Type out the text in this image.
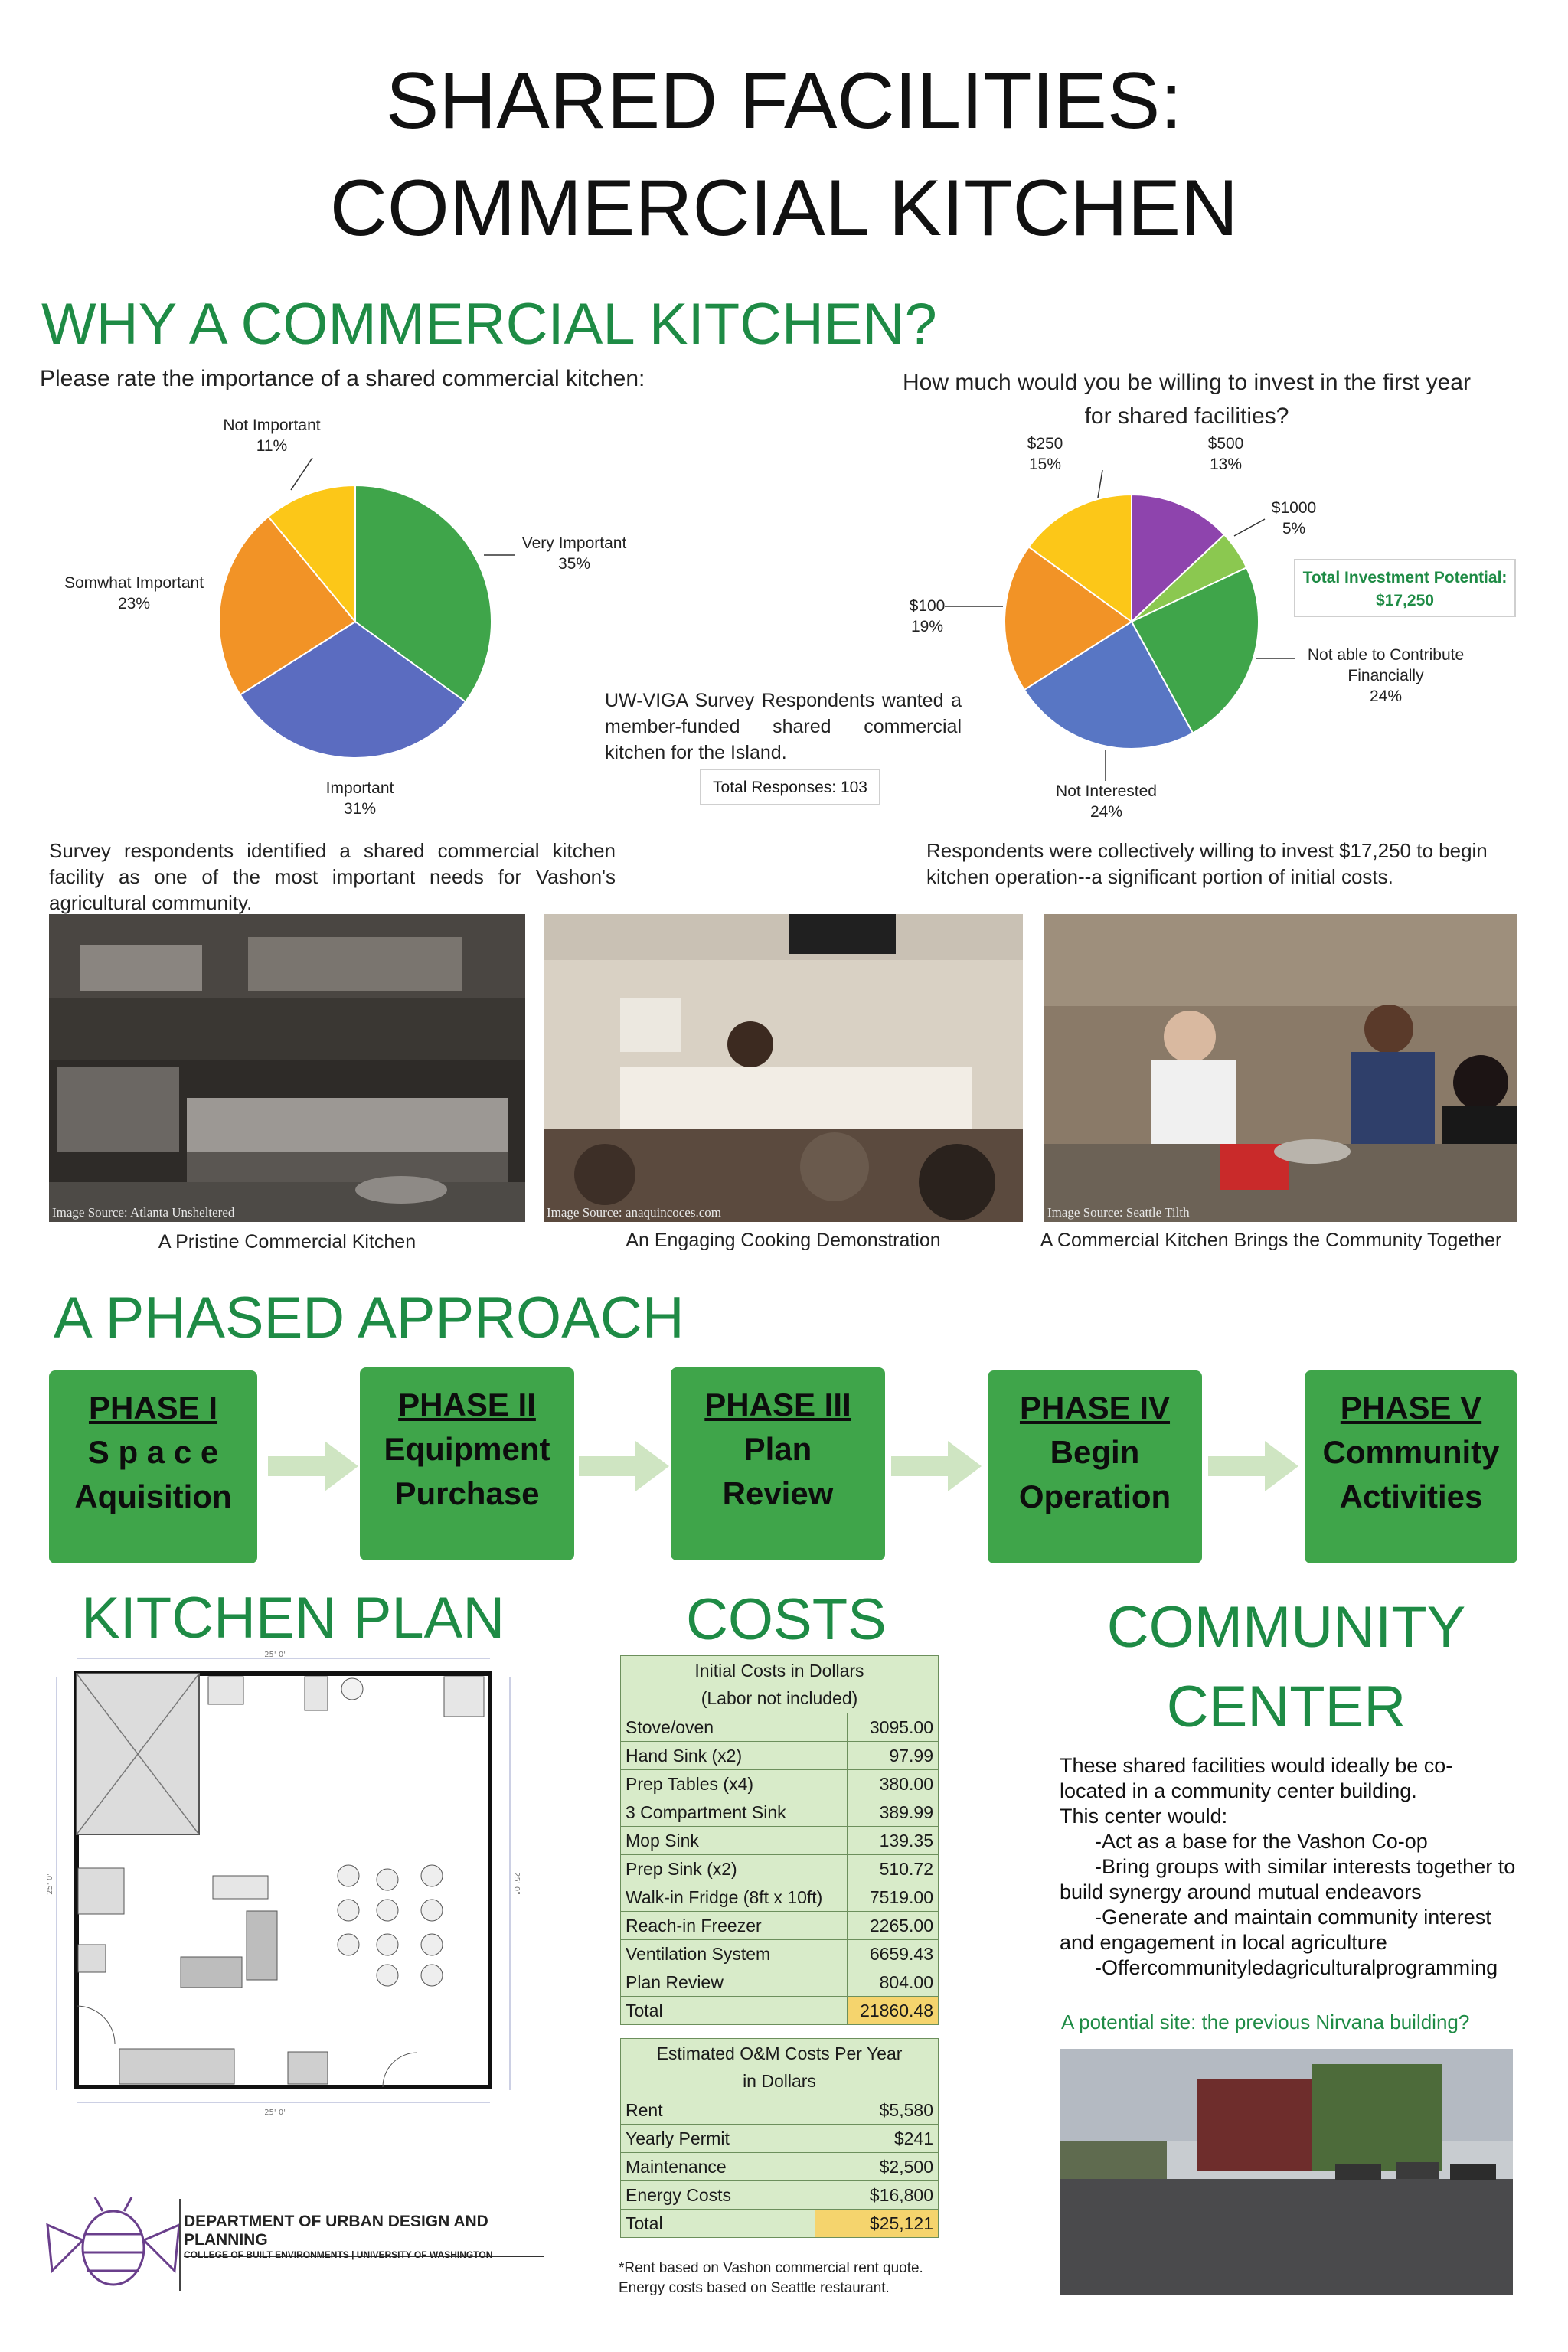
SHARED FACILITIES:
COMMERCIAL KITCHEN
WHY A COMMERCIAL KITCHEN?
Please rate the importance of a shared commercial kitchen:	How much would you be willing to invest in the first year
for shared facilities?
Not Important
11%
Very Important
35%
Somwhat Important
23%
Important
31%
$250
15%
$500
13%
$1000
5%
$100
19%
Not able to Contribute
Financially
24%
Not Interested
24%
Total Investment Potential:
$17,250
UW-VIGA Survey Respondents wanted a member-funded shared commercial kitchen for the Island.
Total Responses: 103
Survey respondents identified a shared commercial kitchen facility as one of the most important needs for Vashon's agricultural community.
Respondents were collectively willing to invest $17,250 to begin kitchen operation--a significant portion of initial costs.
Image Source: Atlanta Unsheltered	Image Source: anaquincoces.com	Image Source: Seattle Tilth
A Pristine Commercial Kitchen	An Engaging Cooking Demonstration	A Commercial Kitchen Brings the Community Together
A PHASED APPROACH
PHASE I
S p a c e
Aquisition
PHASE II
Equipment
Purchase
PHASE III
Plan
Review
PHASE IV
Begin
Operation
PHASE V
Community
Activities
KITCHEN PLAN
25' 0"
25' 0"
25' 0"	25' 0"
COSTS
Initial Costs in Dollars
(Labor not included)	
Stove/oven	3095.00
Hand Sink (x2)	97.99
Prep Tables (x4)	380.00
3 Compartment Sink	389.99
Mop Sink	139.35
Prep Sink (x2)	510.72
Walk-in Fridge (8ft x 10ft)	7519.00
Reach-in Freezer	2265.00
Ventilation System	6659.43
Plan Review	804.00
Total	21860.48
Estimated O&M Costs Per Year
in Dollars	
Rent	$5,580
Yearly Permit	$241
Maintenance	$2,500
Energy Costs	$16,800
Total	$25,121
*Rent based on Vashon commercial rent quote.
Energy costs based on Seattle restaurant.
COMMUNITY
CENTER
These shared facilities would ideally be co-located in a community center building.
This center would:
-Act as a base for the Vashon Co-op
-Bring groups with similar interests together to build synergy around mutual endeavors
-Generate and maintain community interest and engagement in local agriculture
-Offercommunityledagriculturalprogramming
A potential site: the previous Nirvana building?
DEPARTMENT OF URBAN DESIGN AND PLANNING
COLLEGE OF BUILT ENVIRONMENTS | UNIVERSITY OF WASHINGTON
